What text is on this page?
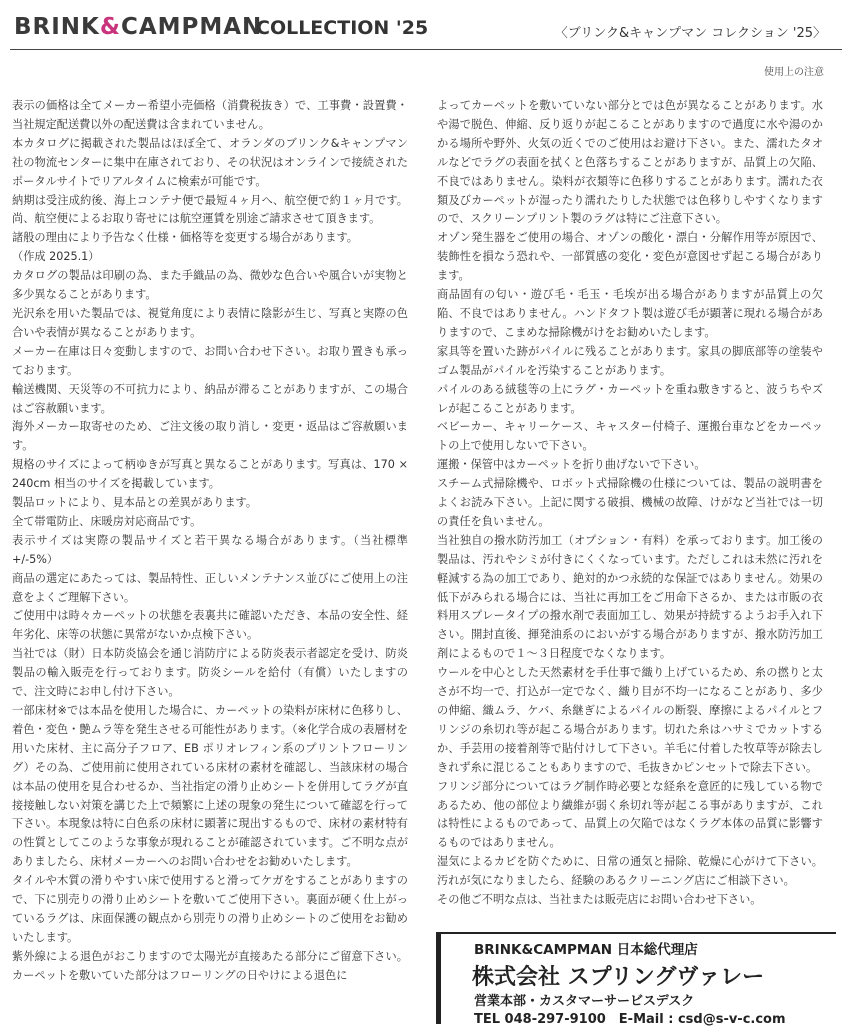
BRINK&CAMPMAN
COLLECTION '25	〈ブリンク&キャンプマン コレクション '25〉
使用上の注意

表示の価格は全てメーカー希望小売価格（消費税抜き）で、工事費・設置費・当社規定配送費以外の配送費は含まれていません。

本カタログに掲載された製品はほぼ全て、オランダのブリンク&キャンプマン社の物流センターに集中在庫されており、その状況はオンラインで接続されたポータルサイトでリアルタイムに検索が可能です。

納期は受注成約後、海上コンテナ便で最短４ヶ月へ、航空便で約１ヶ月です。尚、航空便によるお取り寄せには航空運賃を別途ご請求させて頂きます。

諸般の理由により予告なく仕様・価格等を変更する場合があります。

（作成 2025.1）

カタログの製品は印刷の為、また手織品の為、微妙な色合いや風合いが実物と多少異なることがあります。

光沢糸を用いた製品では、視覚角度により表情に陰影が生じ、写真と実際の色合いや表情が異なることがあります。

メーカー在庫は日々変動しますので、お問い合わせ下さい。お取り置きも承っております。

輸送機関、天災等の不可抗力により、納品が滞ることがありますが、この場合はご容赦願います。

海外メーカー取寄せのため、ご注文後の取り消し・変更・返品はご容赦願います。

規格のサイズによって柄ゆきが写真と異なることがあります。写真は、170 × 240cm 相当のサイズを掲載しています。

製品ロットにより、見本品との差異があります。

全て帯電防止、床暖房対応商品です。

表示サイズは実際の製品サイズと若干異なる場合があります。（当社標準 +/-5%）

商品の選定にあたっては、製品特性、正しいメンテナンス並びにご使用上の注意をよくご理解下さい。

ご使用中は時々カーペットの状態を表裏共に確認いただき、本品の安全性、経年劣化、床等の状態に異常がないか点検下さい。

当社では（財）日本防炎協会を通じ消防庁による防炎表示者認定を受け、防炎製品の輸入販売を行っております。防炎シールを給付（有償）いたしますので、注文時にお申し付け下さい。

一部床材※では本品を使用した場合に、カーペットの染料が床材に色移りし、着色・変色・艶ムラ等を発生させる可能性があります。（※化学合成の表層材を用いた床材、主に高分子フロア、EB ポリオレフィン系のプリントフローリング）その為、ご使用前に使用されている床材の素材を確認し、当該床材の場合は本品の使用を見合わせるか、当社指定の滑り止めシートを併用してラグが直接接触しない対策を講じた上で頻繁に上述の現象の発生について確認を行って下さい。本現象は特に白色系の床材に顕著に現出するもので、床材の素材特有の性質としてこのような事象が現れることが確認されています。ご不明な点がありましたら、床材メーカーへのお問い合わせをお勧めいたします。

タイルや木質の滑りやすい床で使用すると滑ってケガをすることがありますので、下に別売りの滑り止めシートを敷いてご使用下さい。裏面が硬く仕上がっているラグは、床面保護の観点から別売りの滑り止めシートのご使用をお勧めいたします。

紫外線による退色がおこりますので太陽光が直接あたる部分にご留意下さい。カーペットを敷いていた部分はフローリングの日やけによる退色に

よってカーペットを敷いていない部分とでは色が異なることがあります。水や湯で脱色、伸縮、反り返りが起こることがありますので過度に水や湯のかかる場所や野外、火気の近くでのご使用はお避け下さい。また、濡れたタオルなどでラグの表面を拭くと色落ちすることがありますが、品質上の欠陥、不良ではありません。染料が衣類等に色移りすることがあります。濡れた衣類及びカーペットが湿ったり濡れたりした状態では色移りしやすくなりますので、スクリーンプリント製のラグは特にご注意下さい。

オゾン発生器をご使用の場合、オゾンの酸化・漂白・分解作用等が原因で、装飾性を損なう恐れや、一部質感の変化・変色が意図せず起こる場合があります。

商品固有の匂い・遊び毛・毛玉・毛埃が出る場合がありますが品質上の欠陥、不良ではありません。ハンドタフト製は遊び毛が顕著に現れる場合がありますので、こまめな掃除機がけをお勧めいたします。

家具等を置いた跡がパイルに残ることがあります。家具の脚底部等の塗装やゴム製品がパイルを汚染することがあります。

パイルのある絨毯等の上にラグ・カーペットを重ね敷きすると、波うちやズレが起こることがあります。

ベビーカー、キャリーケース、キャスター付椅子、運搬台車などをカーペットの上で使用しないで下さい。

運搬・保管中はカーペットを折り曲げないで下さい。

スチーム式掃除機や、ロボット式掃除機の仕様については、製品の説明書をよくお読み下さい。上記に関する破損、機械の故障、けがなど当社では一切の責任を負いません。

当社独自の撥水防汚加工（オプション・有料）を承っております。加工後の製品は、汚れやシミが付きにくくなっています。ただしこれは未然に汚れを軽減する為の加工であり、絶対的かつ永続的な保証ではありません。効果の低下がみられる場合には、当社に再加工をご用命下さるか、または市販の衣料用スプレータイプの撥水剤で表面加工し、効果が持続するようお手入れ下さい。開封直後、揮発油系のにおいがする場合がありますが、撥水防汚加工剤によるもので１〜３日程度でなくなります。

ウールを中心とした天然素材を手仕事で織り上げているため、糸の撚りと太さが不均一で、打込が一定でなく、織り目が不均一になることがあり、多少の伸縮、織ムラ、ケバ、糸継ぎによるパイルの断裂、摩擦によるパイルとフリンジの糸切れ等が起こる場合があります。切れた糸はハサミでカットするか、手芸用の接着剤等で貼付けして下さい。羊毛に付着した牧草等が除去しきれず糸に混じることもありますので、毛抜きかピンセットで除去下さい。

フリンジ部分についてはラグ制作時必要とな経糸を意匠的に残している物であるため、他の部位より繊維が弱く糸切れ等が起こる事がありますが、これは特性によるものであって、品質上の欠陥ではなくラグ本体の品質に影響するものではありません。

湿気によるカビを防ぐために、日常の通気と掃除、乾燥に心がけて下さい。汚れが気になりましたら、経験のあるクリーニング店にご相談下さい。

その他ご不明な点は、当社または販売店にお問い合わせ下さい。

BRINK&CAMPMAN 日本総代理店
株式会社 スプリングヴァレー
営業本部・カスタマーサービスデスク
TEL 048-297-9100　E-Mail : csd@s-v-c.com
